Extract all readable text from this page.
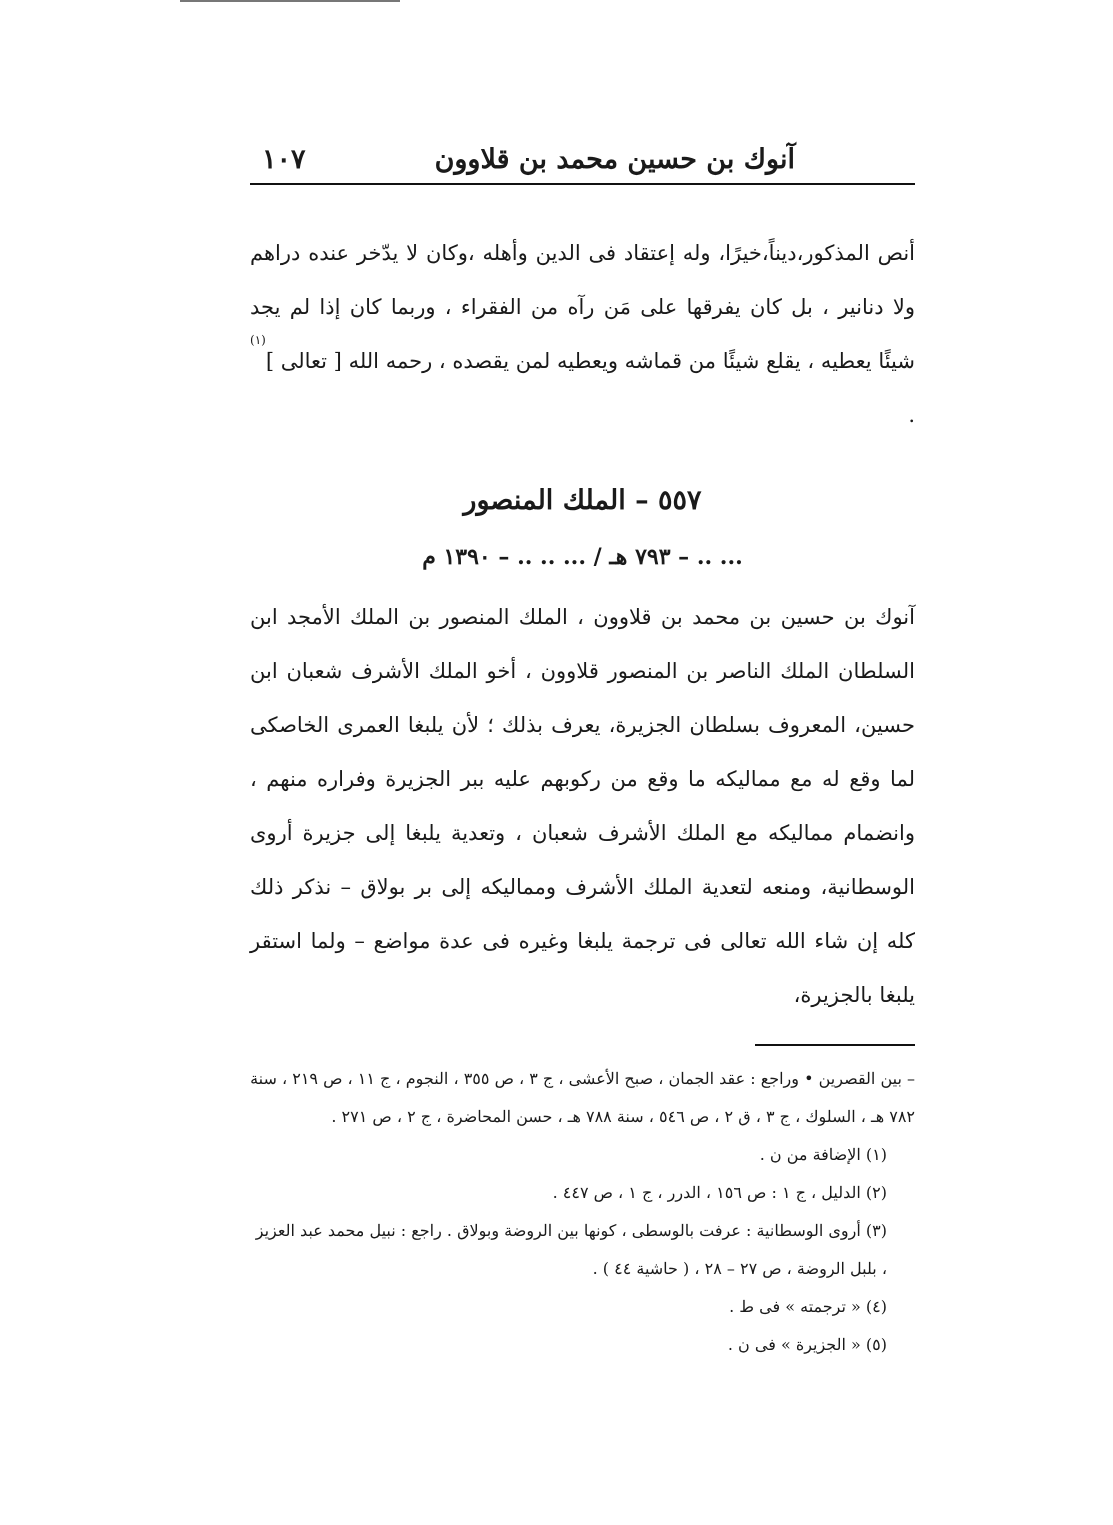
آنوك بن حسين محمد بن قلاوون
١٠٧

أنص المذكور،ديناً،خيرًا، وله إعتقاد فى الدين وأهله ،وكان لا يدّخر عنده دراهم ولا دنانير ، بل كان يفرقها على مَن رآه من الفقراء ، وربما كان إذا لم يجد شيئًا يعطيه ، يقلع شيئًا من قماشه ويعطيه لمن يقصده ، رحمه الله [ تعالى ]$^{(١)}$ .

٥٥٧ – الملك المنصور
... .. – ٧٩٣ هـ / ... .. .. – ١٣٩٠ م

آنوك بن حسين بن محمد بن قلاوون ، الملك المنصور بن الملك الأمجد ابن السلطان الملك الناصر بن المنصور قلاوون ، أخو الملك الأشرف شعبان ابن حسين، المعروف بسلطان الجزيرة، يعرف بذلك ؛ لأن يلبغا العمرى الخاصكى لما وقع له مع مماليكه ما وقع من ركوبهم عليه ببر الجزيرة وفراره منهم ، وانضمام مماليكه مع الملك الأشرف شعبان ، وتعدية يلبغا إلى جزيرة أروى الوسطانية، ومنعه لتعدية الملك الأشرف ومماليكه إلى بر بولاق – نذكر ذلك كله إن شاء الله تعالى فى ترجمة يلبغا وغيره فى عدة مواضع – ولما استقر يلبغا بالجزيرة،

– بين القصرين • وراجع : عقد الجمان ، صبح الأعشى ، ج ٣ ، ص ٣٥٥ ، النجوم ، ج ١١ ، ص ٢١٩ ، سنة ٧٨٢ هـ ، السلوك ، ج ٣ ، ق ٢ ، ص ٥٤٦ ، سنة ٧٨٨ هـ ، حسن المحاضرة ، ج ٢ ، ص ٢٧١ .
(١) الإضافة من ن .
(٢) الدليل ، ج ١ : ص ١٥٦ ، الدرر ، ج ١ ، ص ٤٤٧ .
(٣) أروى الوسطانية : عرفت بالوسطى ، كونها بين الروضة وبولاق . راجع : نبيل محمد عبد العزيز ، بلبل الروضة ، ص ٢٧ – ٢٨ ، ( حاشية ٤٤ ) .
(٤) « ترجمته » فى ط .
(٥) « الجزيرة » فى ن .
